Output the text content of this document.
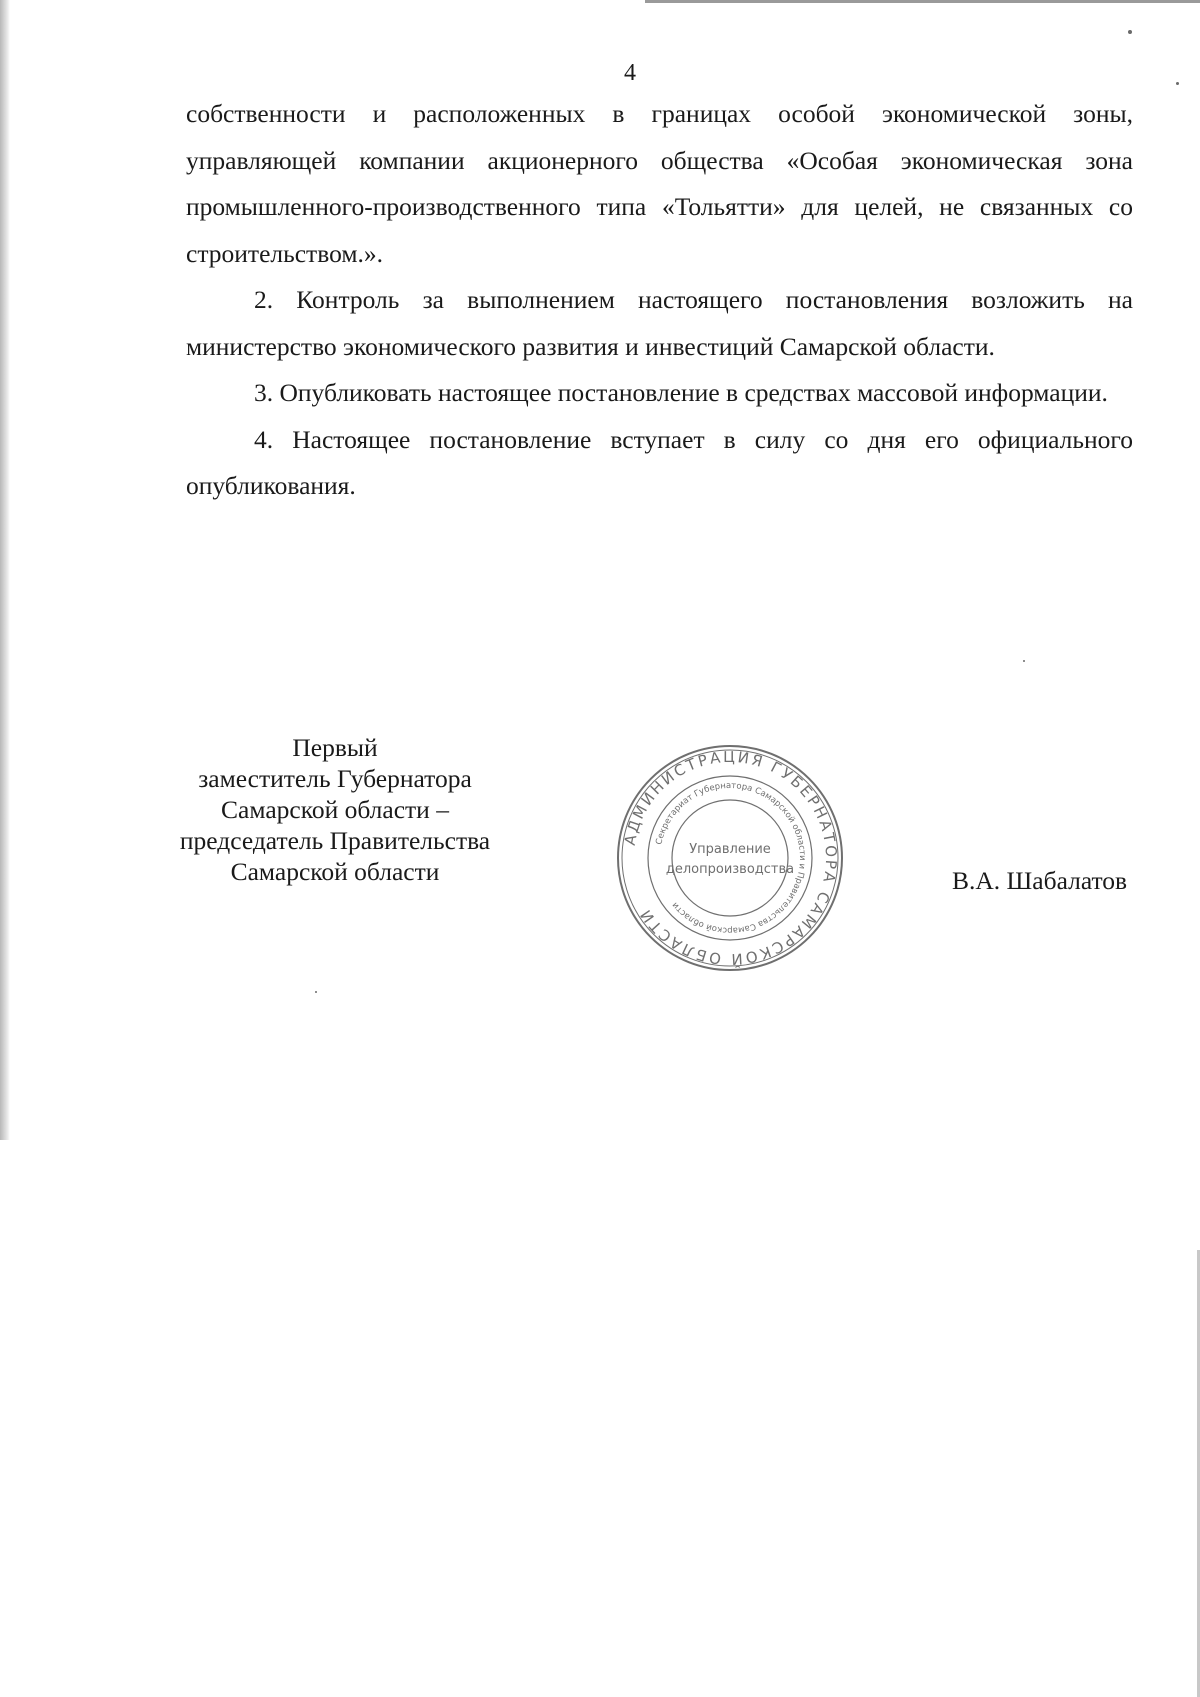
4

собственности и расположенных в границах особой экономической зоны, управляющей компании акционерного общества «Особая экономическая зона промышленного-производственного типа «Тольятти» для целей, не связанных со строительством.».

2. Контроль за выполнением настоящего постановления возложить на министерство экономического развития и инвестиций Самарской области.

3. Опубликовать настоящее постановление в средствах массовой информации.

4. Настоящее постановление вступает в силу со дня его официального опубликования.

Первый
заместитель Губернатора
Самарской области –
председатель Правительства
Самарской области
АДМИНИСТРАЦИЯ ГУБЕРНАТОРА САМАРСКОЙ ОБЛАСТИ
Секретариат Губернатора Самарской области и Правительства Самарской области
Управление
делопроизводства	В.А. Шабалатов
